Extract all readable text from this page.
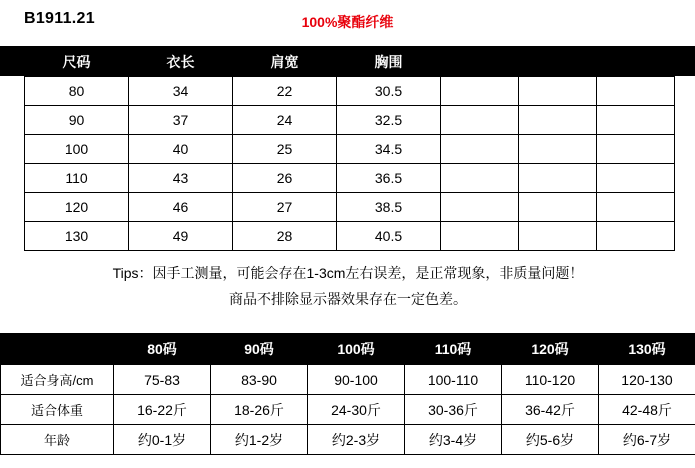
B1911.21	100%聚酯纤维
尺码	衣长	肩宽	胸围			
80	34	22	30.5			
90	37	24	32.5			
100	40	25	34.5			
110	43	26	36.5			
120	46	27	38.5			
130	49	28	40.5			
Tips：因手工测量，可能会存在1-3cm左右误差，是正常现象，非质量问题！
商品不排除显示器效果存在一定色差。
	80码	90码	100码	110码	120码	130码
适合身高/cm	75-83	83-90	90-100	100-110	110-120	120-130
适合体重	16-22斤	18-26斤	24-30斤	30-36斤	36-42斤	42-48斤
年龄	约0-1岁	约1-2岁	约2-3岁	约3-4岁	约5-6岁	约6-7岁
